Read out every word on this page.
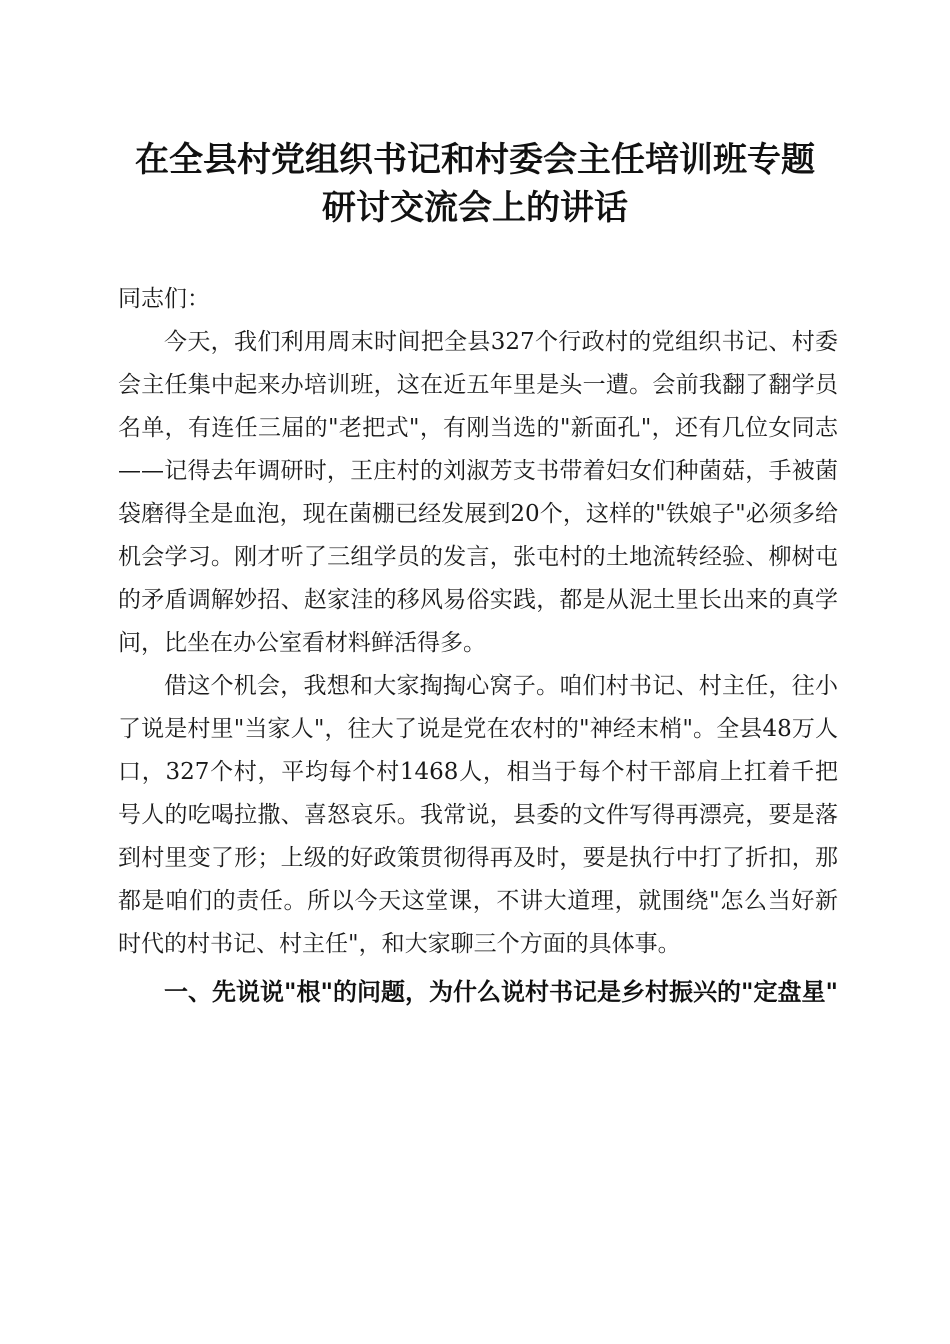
在全县村党组织书记和村委会主任培训班专题
研讨交流会上的讲话

同志们：

今天，我们利用周末时间把全县327个行政村的党组织书记、村委会主任集中起来办培训班，这在近五年里是头一遭。会前我翻了翻学员名单，有连任三届的"老把式"，有刚当选的"新面孔"，还有几位女同志——记得去年调研时，王庄村的刘淑芳支书带着妇女们种菌菇，手被菌袋磨得全是血泡，现在菌棚已经发展到20个，这样的"铁娘子"必须多给机会学习。刚才听了三组学员的发言，张屯村的土地流转经验、柳树屯的矛盾调解妙招、赵家洼的移风易俗实践，都是从泥土里长出来的真学问，比坐在办公室看材料鲜活得多。

借这个机会，我想和大家掏掏心窝子。咱们村书记、村主任，往小了说是村里"当家人"，往大了说是党在农村的"神经末梢"。全县48万人口，327个村，平均每个村1468人，相当于每个村干部肩上扛着千把号人的吃喝拉撒、喜怒哀乐。我常说，县委的文件写得再漂亮，要是落到村里变了形；上级的好政策贯彻得再及时，要是执行中打了折扣，那都是咱们的责任。所以今天这堂课，不讲大道理，就围绕"怎么当好新时代的村书记、村主任"，和大家聊三个方面的具体事。

一、先说说"根"的问题，为什么说村书记是乡村振兴的"定盘星"
